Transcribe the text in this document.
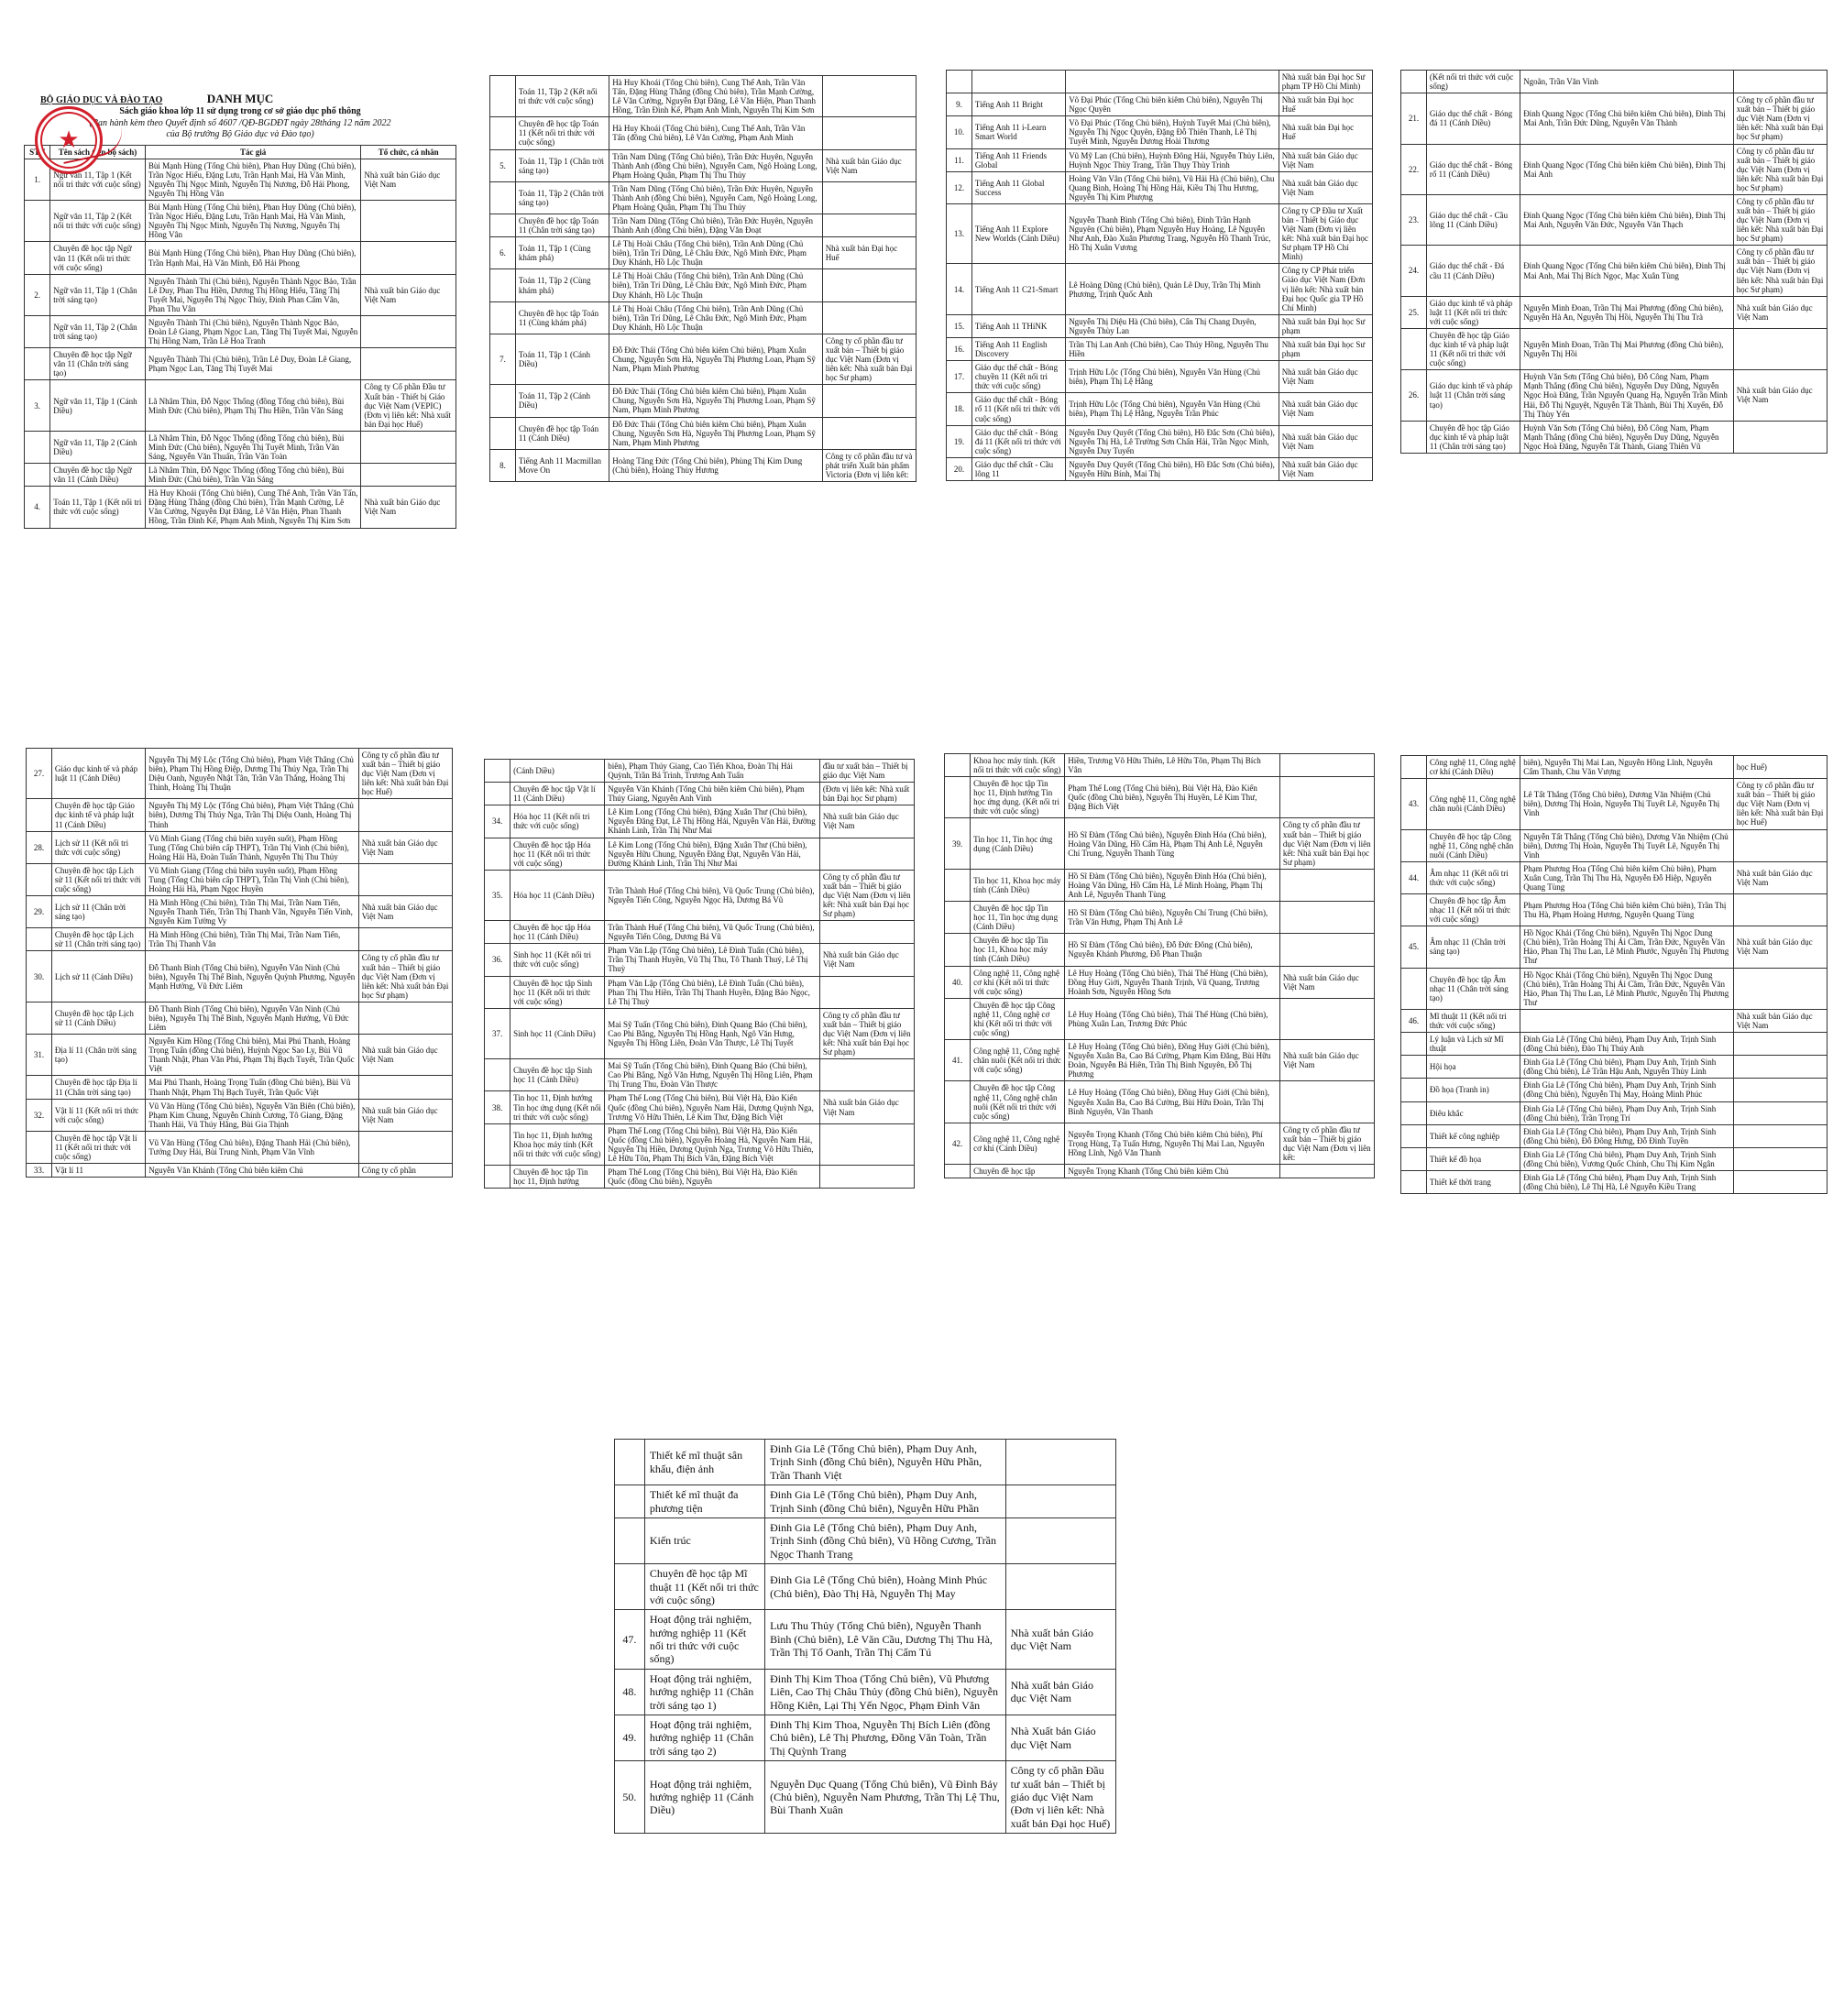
BỘ GIÁO DỤC VÀ ĐÀO TẠO
★	DANH MỤC
Sách giáo khoa lớp 11 sử dụng trong cơ sở giáo dục phổ thông
(Ban hành kèm theo Quyết định số 4607 /QĐ-BGDĐT ngày 28tháng 12 năm 2022
của Bộ trưởng Bộ Giáo dục và Đào tạo)
STT	Tên sách (tên bộ sách)	Tác giả	Tổ chức, cá nhân
1.	Ngữ văn 11, Tập 1 (Kết nối tri thức với cuộc sống)	Bùi Mạnh Hùng (Tổng Chủ biên), Phan Huy Dũng (Chủ biên), Trần Ngọc Hiếu, Đặng Lưu, Trần Hạnh Mai, Hà Văn Minh, Nguyễn Thị Ngọc Minh, Nguyễn Thị Nương, Đỗ Hải Phong, Nguyễn Thị Hồng Vân	Nhà xuất bản Giáo dục Việt Nam
	Ngữ văn 11, Tập 2 (Kết nối tri thức với cuộc sống)	Bùi Mạnh Hùng (Tổng Chủ biên), Phan Huy Dũng (Chủ biên), Trần Ngọc Hiếu, Đặng Lưu, Trần Hạnh Mai, Hà Văn Minh, Nguyễn Thị Ngọc Minh, Nguyễn Thị Nương, Nguyễn Thị Hồng Vân	
	Chuyên đề học tập Ngữ văn 11 (Kết nối tri thức với cuộc sống)	Bùi Mạnh Hùng (Tổng Chủ biên), Phan Huy Dũng (Chủ biên), Trần Hạnh Mai, Hà Văn Minh, Đỗ Hải Phong	
2.	Ngữ văn 11, Tập 1 (Chân trời sáng tạo)	Nguyễn Thành Thi (Chủ biên), Nguyễn Thành Ngọc Bảo, Trần Lê Duy, Phan Thu Hiền, Dương Thị Hồng Hiếu, Tăng Thị Tuyết Mai, Nguyễn Thị Ngọc Thúy, Đinh Phan Cẩm Vân, Phan Thu Vân	Nhà xuất bản Giáo dục Việt Nam
	Ngữ văn 11, Tập 2 (Chân trời sáng tạo)	Nguyễn Thành Thi (Chủ biên), Nguyễn Thành Ngọc Bảo, Đoàn Lê Giang, Phạm Ngọc Lan, Tăng Thị Tuyết Mai, Nguyễn Thị Hồng Nam, Trần Lê Hoa Tranh	
	Chuyên đề học tập Ngữ văn 11 (Chân trời sáng tạo)	Nguyễn Thành Thi (Chủ biên), Trần Lê Duy, Đoàn Lê Giang, Phạm Ngọc Lan, Tăng Thị Tuyết Mai	
3.	Ngữ văn 11, Tập 1 (Cánh Diều)	Lã Nhâm Thìn, Đỗ Ngọc Thống (đồng Tổng chủ biên), Bùi Minh Đức (Chủ biên), Phạm Thị Thu Hiền, Trần Văn Sáng	Công ty Cổ phần Đầu tư Xuất bản - Thiết bị Giáo dục Việt Nam (VEPIC) (Đơn vị liên kết: Nhà xuất bản Đại học Huế)
	Ngữ văn 11, Tập 2 (Cánh Diều)	Lã Nhâm Thìn, Đỗ Ngọc Thống (đồng Tổng chủ biên), Bùi Minh Đức (Chủ biên), Nguyễn Thị Tuyết Minh, Trần Văn Sáng, Nguyễn Văn Thuấn, Trần Văn Toàn	
	Chuyên đề học tập Ngữ văn 11 (Cánh Diều)	Lã Nhâm Thìn, Đỗ Ngọc Thống (đồng Tổng chủ biên), Bùi Minh Đức (Chủ biên), Trần Văn Sáng	
4.	Toán 11, Tập 1 (Kết nối tri thức với cuộc sống)	Hà Huy Khoái (Tổng Chủ biên), Cung Thế Anh, Trần Văn Tấn, Đặng Hùng Thắng (đồng Chủ biên), Trần Mạnh Cường, Lê Văn Cường, Nguyễn Đạt Đăng, Lê Văn Hiện, Phan Thanh Hồng, Trần Đình Kế, Phạm Anh Minh, Nguyễn Thị Kim Sơn	Nhà xuất bản Giáo dục Việt Nam
	Toán 11, Tập 2 (Kết nối tri thức với cuộc sống)	Hà Huy Khoái (Tổng Chủ biên), Cung Thế Anh, Trần Văn Tấn, Đặng Hùng Thắng (đồng Chủ biên), Trần Mạnh Cường, Lê Văn Cường, Nguyễn Đạt Đăng, Lê Văn Hiện, Phan Thanh Hồng, Trần Đình Kế, Phạm Anh Minh, Nguyễn Thị Kim Sơn	
	Chuyên đề học tập Toán 11 (Kết nối tri thức với cuộc sống)	Hà Huy Khoái (Tổng Chủ biên), Cung Thế Anh, Trần Văn Tấn (đồng Chủ biên), Lê Văn Cường, Phạm Anh Minh	
5.	Toán 11, Tập 1 (Chân trời sáng tạo)	Trần Nam Dũng (Tổng Chủ biên), Trần Đức Huyên, Nguyễn Thành Anh (đồng Chủ biên), Nguyễn Cam, Ngô Hoàng Long, Phạm Hoàng Quân, Phạm Thị Thu Thủy	Nhà xuất bản Giáo dục Việt Nam
	Toán 11, Tập 2 (Chân trời sáng tạo)	Trần Nam Dũng (Tổng Chủ biên), Trần Đức Huyên, Nguyễn Thành Anh (đồng Chủ biên), Nguyễn Cam, Ngô Hoàng Long, Phạm Hoàng Quân, Phạm Thị Thu Thủy	
	Chuyên đề học tập Toán 11 (Chân trời sáng tạo)	Trần Nam Dũng (Tổng Chủ biên), Trần Đức Huyên, Nguyễn Thành Anh (đồng Chủ biên), Đặng Văn Đoạt	
6.	Toán 11, Tập 1 (Cùng khám phá)	Lê Thị Hoài Châu (Tổng Chủ biên), Trần Anh Dũng (Chủ biên), Trần Trí Dũng, Lê Châu Đức, Ngô Minh Đức, Phạm Duy Khánh, Hồ Lộc Thuận	Nhà xuất bản Đại học Huế
	Toán 11, Tập 2 (Cùng khám phá)	Lê Thị Hoài Châu (Tổng Chủ biên), Trần Anh Dũng (Chủ biên), Trần Trí Dũng, Lê Châu Đức, Ngô Minh Đức, Phạm Duy Khánh, Hồ Lộc Thuận	
	Chuyên đề học tập Toán 11 (Cùng khám phá)	Lê Thị Hoài Châu (Tổng Chủ biên), Trần Anh Dũng (Chủ biên), Trần Trí Dũng, Lê Châu Đức, Ngô Minh Đức, Phạm Duy Khánh, Hồ Lộc Thuận	
7.	Toán 11, Tập 1 (Cánh Diều)	Đỗ Đức Thái (Tổng Chủ biên kiêm Chủ biên), Phạm Xuân Chung, Nguyễn Sơn Hà, Nguyễn Thị Phương Loan, Phạm Sỹ Nam, Phạm Minh Phương	Công ty cổ phần đầu tư xuất bản – Thiết bị giáo dục Việt Nam (Đơn vị liên kết: Nhà xuất bản Đại học Sư phạm)
	Toán 11, Tập 2 (Cánh Diều)	Đỗ Đức Thái (Tổng Chủ biên kiêm Chủ biên), Phạm Xuân Chung, Nguyễn Sơn Hà, Nguyễn Thị Phương Loan, Phạm Sỹ Nam, Phạm Minh Phương	
	Chuyên đề học tập Toán 11 (Cánh Diều)	Đỗ Đức Thái (Tổng Chủ biên kiêm Chủ biên), Phạm Xuân Chung, Nguyễn Sơn Hà, Nguyễn Thị Phương Loan, Phạm Sỹ Nam, Phạm Minh Phương	
8.	Tiếng Anh 11 Macmillan Move On	Hoàng Tăng Đức (Tổng Chủ biên), Phùng Thị Kim Dung (Chủ biên), Hoàng Thùy Hương	Công ty cổ phần đầu tư và phát triển Xuất bản phẩm Victoria (Đơn vị liên kết:
			Nhà xuất bản Đại học Sư phạm TP Hồ Chí Minh)
9.	Tiếng Anh 11 Bright	Võ Đại Phúc (Tổng Chủ biên kiêm Chủ biên), Nguyễn Thị Ngọc Quyên	Nhà xuất bản Đại học Huế
10.	Tiếng Anh 11 i-Learn Smart World	Võ Đại Phúc (Tổng Chủ biên), Huỳnh Tuyết Mai (Chủ biên), Nguyễn Thị Ngọc Quyên, Đặng Đỗ Thiên Thanh, Lê Thị Tuyết Minh, Nguyễn Dương Hoài Thương	Nhà xuất bản Đại học Huế
11.	Tiếng Anh 11 Friends Global	Vũ Mỹ Lan (Chủ biên), Huỳnh Đông Hải, Nguyễn Thủy Liên, Huỳnh Ngọc Thùy Trang, Trần Thụy Thùy Trinh	Nhà xuất bản Giáo dục Việt Nam
12.	Tiếng Anh 11 Global Success	Hoàng Văn Vân (Tổng Chủ biên), Vũ Hải Hà (Chủ biên), Chu Quang Bình, Hoàng Thị Hồng Hải, Kiều Thị Thu Hương, Nguyễn Thị Kim Phượng	Nhà xuất bản Giáo dục Việt Nam
13.	Tiếng Anh 11 Explore New Worlds (Cánh Diều)	Nguyễn Thanh Bình (Tổng Chủ biên), Đinh Trần Hạnh Nguyên (Chủ biên), Phạm Nguyễn Huy Hoàng, Lê Nguyễn Như Anh, Đào Xuân Phương Trang, Nguyễn Hồ Thanh Trúc, Hồ Thị Xuân Vương	Công ty CP Đầu tư Xuất bản - Thiết bị Giáo dục Việt Nam (Đơn vị liên kết: Nhà xuất bản Đại học Sư phạm TP Hồ Chí Minh)
14.	Tiếng Anh 11 C21-Smart	Lê Hoàng Dũng (Chủ biên), Quản Lê Duy, Trần Thị Minh Phương, Trịnh Quốc Anh	Công ty CP Phát triển Giáo dục Việt Nam (Đơn vị liên kết: Nhà xuất bản Đại học Quốc gia TP Hồ Chí Minh)
15.	Tiếng Anh 11 THiNK	Nguyễn Thị Diệu Hà (Chủ biên), Cấn Thị Chang Duyên, Nguyễn Thùy Lan	Nhà xuất bản Đại học Sư phạm
16.	Tiếng Anh 11 English Discovery	Trần Thị Lan Anh (Chủ biên), Cao Thúy Hồng, Nguyễn Thu Hiền	Nhà xuất bản Đại học Sư phạm
17.	Giáo dục thể chất - Bóng chuyền 11 (Kết nối tri thức với cuộc sống)	Trịnh Hữu Lộc (Tổng Chủ biên), Nguyễn Văn Hùng (Chủ biên), Phạm Thị Lệ Hằng	Nhà xuất bản Giáo dục Việt Nam
18.	Giáo dục thể chất - Bóng rổ 11 (Kết nối tri thức với cuộc sống)	Trịnh Hữu Lộc (Tổng Chủ biên), Nguyễn Văn Hùng (Chủ biên), Phạm Thị Lệ Hằng, Nguyễn Trần Phúc	Nhà xuất bản Giáo dục Việt Nam
19.	Giáo dục thể chất - Bóng đá 11 (Kết nối tri thức với cuộc sống)	Nguyễn Duy Quyết (Tổng Chủ biên), Hồ Đắc Sơn (Chủ biên), Nguyễn Thị Hà, Lê Trường Sơn Chấn Hải, Trần Ngọc Minh, Nguyễn Duy Tuyến	Nhà xuất bản Giáo dục Việt Nam
20.	Giáo dục thể chất - Cầu lông 11	Nguyễn Duy Quyết (Tổng Chủ biên), Hồ Đắc Sơn (Chủ biên), Nguyễn Hữu Bính, Mai Thị	Nhà xuất bản Giáo dục Việt Nam
	(Kết nối tri thức với cuộc sống)	Ngoãn, Trần Văn Vinh	
21.	Giáo dục thể chất - Bóng đá 11 (Cánh Diều)	Đinh Quang Ngọc (Tổng Chủ biên kiêm Chủ biên), Đinh Thị Mai Anh, Trần Đức Dũng, Nguyễn Văn Thành	Công ty cổ phần đầu tư xuất bản – Thiết bị giáo dục Việt Nam (Đơn vị liên kết: Nhà xuất bản Đại học Sư phạm)
22.	Giáo dục thể chất - Bóng rổ 11 (Cánh Diều)	Đinh Quang Ngọc (Tổng Chủ biên kiêm Chủ biên), Đinh Thị Mai Anh	Công ty cổ phần đầu tư xuất bản – Thiết bị giáo dục Việt Nam (Đơn vị liên kết: Nhà xuất bản Đại học Sư phạm)
23.	Giáo dục thể chất - Cầu lông 11 (Cánh Diều)	Đinh Quang Ngọc (Tổng Chủ biên kiêm Chủ biên), Đinh Thị Mai Anh, Nguyễn Văn Đức, Nguyễn Văn Thạch	Công ty cổ phần đầu tư xuất bản – Thiết bị giáo dục Việt Nam (Đơn vị liên kết: Nhà xuất bản Đại học Sư phạm)
24.	Giáo dục thể chất - Đá cầu 11 (Cánh Diều)	Đinh Quang Ngọc (Tổng Chủ biên kiêm Chủ biên), Đinh Thị Mai Anh, Mai Thị Bích Ngọc, Mạc Xuân Tùng	Công ty cổ phần đầu tư xuất bản – Thiết bị giáo dục Việt Nam (Đơn vị liên kết: Nhà xuất bản Đại học Sư phạm)
25.	Giáo dục kinh tế và pháp luật 11 (Kết nối tri thức với cuộc sống)	Nguyễn Minh Đoan, Trần Thị Mai Phương (đồng Chủ biên), Nguyễn Hà An, Nguyễn Thị Hồi, Nguyễn Thị Thu Trà	Nhà xuất bản Giáo dục Việt Nam
	Chuyên đề học tập Giáo dục kinh tế và pháp luật 11 (Kết nối tri thức với cuộc sống)	Nguyễn Minh Đoan, Trần Thị Mai Phương (đồng Chủ biên), Nguyễn Thị Hồi	
26.	Giáo dục kinh tế và pháp luật 11 (Chân trời sáng tạo)	Huỳnh Văn Sơn (Tổng Chủ biên), Đỗ Công Nam, Phạm Mạnh Thắng (đồng Chủ biên), Nguyễn Duy Dũng, Nguyễn Ngọc Hoà Đăng, Trần Nguyễn Quang Hạ, Nguyễn Trần Minh Hải, Đỗ Thị Nguyệt, Nguyễn Tất Thành, Bùi Thị Xuyến, Đỗ Thị Thùy Yến	Nhà xuất bản Giáo dục Việt Nam
	Chuyên đề học tập Giáo dục kinh tế và pháp luật 11 (Chân trời sáng tạo)	Huỳnh Văn Sơn (Tổng Chủ biên), Đỗ Công Nam, Phạm Mạnh Thắng (đồng Chủ biên), Nguyễn Duy Dũng, Nguyễn Ngọc Hoà Đăng, Nguyễn Tất Thành, Giang Thiên Vũ	
27.	Giáo dục kinh tế và pháp luật 11 (Cánh Diều)	Nguyễn Thị Mỹ Lộc (Tổng Chủ biên), Phạm Việt Thắng (Chủ biên), Phạm Thị Hồng Điệp, Dương Thị Thúy Nga, Trần Thị Diệu Oanh, Nguyễn Nhật Tân, Trần Văn Thắng, Hoàng Thị Thinh, Hoàng Thị Thuận	Công ty cổ phần đầu tư xuất bản – Thiết bị giáo dục Việt Nam (Đơn vị liên kết: Nhà xuất bản Đại học Huế)
	Chuyên đề học tập Giáo dục kinh tế và pháp luật 11 (Cánh Diều)	Nguyễn Thị Mỹ Lộc (Tổng Chủ biên), Phạm Việt Thắng (Chủ biên), Dương Thị Thúy Nga, Trần Thị Diệu Oanh, Hoàng Thị Thinh	
28.	Lịch sử 11 (Kết nối tri thức với cuộc sống)	Vũ Minh Giang (Tổng chủ biên xuyên suốt), Phạm Hồng Tung (Tổng Chủ biên cấp THPT), Trần Thị Vinh (Chủ biên), Hoàng Hải Hà, Đoàn Tuấn Thành, Nguyễn Thị Thu Thủy	Nhà xuất bản Giáo dục Việt Nam
	Chuyên đề học tập Lịch sử 11 (Kết nối tri thức với cuộc sống)	Vũ Minh Giang (Tổng chủ biên xuyên suốt), Phạm Hồng Tung (Tổng Chủ biên cấp THPT), Trần Thị Vinh (Chủ biên), Hoàng Hải Hà, Phạm Ngọc Huyền	
29.	Lịch sử 11 (Chân trời sáng tạo)	Hà Minh Hồng (Chủ biên), Trần Thị Mai, Trần Nam Tiến, Nguyễn Thanh Tiến, Trần Thị Thanh Vân, Nguyễn Tiến Vinh, Nguyễn Kim Tường Vy	Nhà xuất bản Giáo dục Việt Nam
	Chuyên đề học tập Lịch sử 11 (Chân trời sáng tạo)	Hà Minh Hồng (Chủ biên), Trần Thị Mai, Trần Nam Tiến, Trần Thị Thanh Vân	
30.	Lịch sử 11 (Cánh Diều)	Đỗ Thanh Bình (Tổng Chủ biên), Nguyễn Văn Ninh (Chủ biên), Nguyễn Thị Thế Bình, Nguyễn Quỳnh Phương, Nguyễn Mạnh Hưởng, Vũ Đức Liêm	Công ty cổ phần đầu tư xuất bản – Thiết bị giáo dục Việt Nam (Đơn vị liên kết: Nhà xuất bản Đại học Sư phạm)
	Chuyên đề học tập Lịch sử 11 (Cánh Diều)	Đỗ Thanh Bình (Tổng Chủ biên), Nguyễn Văn Ninh (Chủ biên), Nguyễn Thị Thế Bình, Nguyễn Mạnh Hưởng, Vũ Đức Liêm	
31.	Địa lí 11 (Chân trời sáng tạo)	Nguyễn Kim Hồng (Tổng Chủ biên), Mai Phú Thanh, Hoàng Trọng Tuấn (đồng Chủ biên), Huỳnh Ngọc Sao Ly, Bùi Vũ Thanh Nhật, Phan Văn Phú, Phạm Thị Bạch Tuyết, Trần Quốc Việt	Nhà xuất bản Giáo dục Việt Nam
	Chuyên đề học tập Địa lí 11 (Chân trời sáng tạo)	Mai Phú Thanh, Hoàng Trọng Tuấn (đồng Chủ biên), Bùi Vũ Thanh Nhật, Phạm Thị Bạch Tuyết, Trần Quốc Việt	
32.	Vật lí 11 (Kết nối tri thức với cuộc sống)	Vũ Văn Hùng (Tổng Chủ biên), Nguyễn Văn Biên (Chủ biên), Phạm Kim Chung, Nguyễn Chính Cương, Tô Giang, Đặng Thanh Hải, Vũ Thúy Hằng, Bùi Gia Thịnh	Nhà xuất bản Giáo dục Việt Nam
	Chuyên đề học tập Vật lí 11 (Kết nối tri thức với cuộc sống)	Vũ Văn Hùng (Tổng Chủ biên), Đặng Thanh Hải (Chủ biên), Tưởng Duy Hải, Bùi Trung Ninh, Phạm Văn Vĩnh	
33.	Vật lí 11	Nguyễn Văn Khánh (Tổng Chủ biên kiêm Chủ	Công ty cổ phần
	(Cánh Diều)	biên), Phạm Thúy Giang, Cao Tiến Khoa, Đoàn Thị Hải Quỳnh, Trần Bá Trình, Trương Anh Tuấn	đầu tư xuất bản – Thiết bị giáo dục Việt Nam
	Chuyên đề học tập Vật lí 11 (Cánh Diều)	Nguyễn Văn Khánh (Tổng Chủ biên kiêm Chủ biên), Phạm Thúy Giang, Nguyễn Anh Vinh	(Đơn vị liên kết: Nhà xuất bản Đại học Sư phạm)
34.	Hóa học 11 (Kết nối tri thức với cuộc sống)	Lê Kim Long (Tổng Chủ biên), Đặng Xuân Thư (Chủ biên), Nguyễn Đăng Đạt, Lê Thị Hồng Hải, Nguyễn Văn Hải, Đường Khánh Linh, Trần Thị Như Mai	Nhà xuất bản Giáo dục Việt Nam
	Chuyên đề học tập Hóa học 11 (Kết nối tri thức với cuộc sống)	Lê Kim Long (Tổng Chủ biên), Đặng Xuân Thư (Chủ biên), Nguyễn Hữu Chung, Nguyễn Đăng Đạt, Nguyễn Văn Hải, Đường Khánh Linh, Trần Thị Như Mai	
35.	Hóa học 11 (Cánh Diều)	Trần Thành Huế (Tổng Chủ biên), Vũ Quốc Trung (Chủ biên), Nguyễn Tiến Công, Nguyễn Ngọc Hà, Dương Bá Vũ	Công ty cổ phần đầu tư xuất bản – Thiết bị giáo dục Việt Nam (Đơn vị liên kết: Nhà xuất bản Đại học Sư phạm)
	Chuyên đề học tập Hóa học 11 (Cánh Diều)	Trần Thành Huế (Tổng Chủ biên), Vũ Quốc Trung (Chủ biên), Nguyễn Tiến Công, Dương Bá Vũ	
36.	Sinh học 11 (Kết nối tri thức với cuộc sống)	Phạm Văn Lập (Tổng Chủ biên), Lê Đình Tuấn (Chủ biên), Trần Thị Thanh Huyền, Vũ Thị Thu, Tô Thanh Thuý, Lê Thị Thuỳ	Nhà xuất bản Giáo dục Việt Nam
	Chuyên đề học tập Sinh học 11 (Kết nối tri thức với cuộc sống)	Phạm Văn Lập (Tổng Chủ biên), Lê Đình Tuấn (Chủ biên), Phan Thị Thu Hiền, Trần Thị Thanh Huyền, Đặng Bảo Ngọc, Lê Thị Thuỳ	
37.	Sinh học 11 (Cánh Diều)	Mai Sỹ Tuấn (Tổng Chủ biên), Đinh Quang Báo (Chủ biên), Cao Phi Bằng, Nguyễn Thị Hồng Hạnh, Ngô Văn Hưng, Nguyễn Thị Hồng Liên, Đoàn Văn Thược, Lê Thị Tuyết	Công ty cổ phần đầu tư xuất bản – Thiết bị giáo dục Việt Nam (Đơn vị liên kết: Nhà xuất bản Đại học Sư phạm)
	Chuyên đề học tập Sinh học 11 (Cánh Diều)	Mai Sỹ Tuấn (Tổng Chủ biên), Đinh Quang Báo (Chủ biên), Cao Phi Bằng, Ngô Văn Hưng, Nguyễn Thị Hồng Liên, Phạm Thị Trung Thu, Đoàn Văn Thược	
38.	Tin học 11, Định hướng Tin học ứng dụng (Kết nối tri thức với cuộc sống)	Phạm Thế Long (Tổng Chủ biên), Bùi Việt Hà, Đào Kiến Quốc (đồng Chủ biên), Nguyễn Nam Hải, Dương Quỳnh Nga, Trương Võ Hữu Thiên, Lê Kim Thư, Đặng Bích Việt	Nhà xuất bản Giáo dục Việt Nam
	Tin học 11, Định hướng Khoa học máy tính (Kết nối tri thức với cuộc sống)	Phạm Thế Long (Tổng Chủ biên), Bùi Việt Hà, Đào Kiến Quốc (đồng Chủ biên), Nguyễn Hoàng Hà, Nguyễn Nam Hải, Nguyễn Thị Hiền, Dương Quỳnh Nga, Trương Võ Hữu Thiên, Lê Hữu Tôn, Phạm Thị Bích Vân, Đặng Bích Việt	
	Chuyên đề học tập Tin học 11, Định hướng	Phạm Thế Long (Tổng Chủ biên), Bùi Việt Hà, Đào Kiến Quốc (đồng Chủ biên), Nguyễn	
	Khoa học máy tính. (Kết nối tri thức với cuộc sống)	Hiền, Trương Võ Hữu Thiên, Lê Hữu Tôn, Phạm Thị Bích Vân	
	Chuyên đề học tập Tin học 11, Định hướng Tin học ứng dụng. (Kết nối tri thức với cuộc sống)	Phạm Thế Long (Tổng Chủ biên), Bùi Việt Hà, Đào Kiến Quốc (đồng Chủ biên), Nguyễn Thị Huyền, Lê Kim Thư, Đặng Bích Việt	
39.	Tin học 11, Tin học ứng dụng (Cánh Diều)	Hồ Sĩ Đàm (Tổng Chủ biên), Nguyễn Đình Hóa (Chủ biên), Hoàng Văn Dũng, Hồ Cẩm Hà, Phạm Thị Anh Lê, Nguyễn Chí Trung, Nguyễn Thanh Tùng	Công ty cổ phần đầu tư xuất bản – Thiết bị giáo dục Việt Nam (Đơn vị liên kết: Nhà xuất bản Đại học Sư phạm)
	Tin học 11, Khoa học máy tính (Cánh Diều)	Hồ Sĩ Đàm (Tổng Chủ biên), Nguyễn Đình Hóa (Chủ biên), Hoàng Văn Dũng, Hồ Cẩm Hà, Lê Minh Hoàng, Phạm Thị Anh Lê, Nguyễn Thanh Tùng	
	Chuyên đề học tập Tin học 11, Tin học ứng dụng (Cánh Diều)	Hồ Sĩ Đàm (Tổng Chủ biên), Nguyễn Chí Trung (Chủ biên), Trần Văn Hưng, Phạm Thị Anh Lê	
	Chuyên đề học tập Tin học 11, Khoa học máy tính (Cánh Diều)	Hồ Sĩ Đàm (Tổng Chủ biên), Đỗ Đức Đông (Chủ biên), Nguyễn Khánh Phương, Đỗ Phan Thuận	
40.	Công nghệ 11, Công nghệ cơ khí (Kết nối tri thức với cuộc sống)	Lê Huy Hoàng (Tổng Chủ biên), Thái Thế Hùng (Chủ biên), Đồng Huy Giới, Nguyễn Thanh Trịnh, Vũ Quang, Trương Hoành Sơn, Nguyễn Hồng Sơn	Nhà xuất bản Giáo dục Việt Nam
	Chuyên đề học tập Công nghệ 11, Công nghệ cơ khí (Kết nối tri thức với cuộc sống)	Lê Huy Hoàng (Tổng Chủ biên), Thái Thế Hùng (Chủ biên), Phùng Xuân Lan, Trương Đức Phúc	
41.	Công nghệ 11, Công nghệ chăn nuôi (Kết nối tri thức với cuộc sống)	Lê Huy Hoàng (Tổng Chủ biên), Đồng Huy Giới (Chủ biên), Nguyễn Xuân Ba, Cao Bá Cường, Phạm Kim Đăng, Bùi Hữu Đoàn, Nguyễn Bá Hiên, Trần Thị Bình Nguyên, Đỗ Thị Phương	Nhà xuất bản Giáo dục Việt Nam
	Chuyên đề học tập Công nghệ 11, Công nghệ chăn nuôi (Kết nối tri thức với cuộc sống)	Lê Huy Hoàng (Tổng Chủ biên), Đồng Huy Giới (Chủ biên), Nguyễn Xuân Ba, Cao Bá Cường, Bùi Hữu Đoàn, Trần Thị Bình Nguyên, Văn Thanh	
42.	Công nghệ 11, Công nghệ cơ khí (Cánh Diều)	Nguyễn Trọng Khanh (Tổng Chủ biên kiêm Chủ biên), Phí Trọng Hùng, Tạ Tuấn Hưng, Nguyễn Thị Mai Lan, Nguyễn Hồng Lĩnh, Ngô Văn Thanh	Công ty cổ phần đầu tư xuất bản – Thiết bị giáo dục Việt Nam (Đơn vị liên kết:
	Chuyên đề học tập	Nguyễn Trọng Khanh (Tổng Chủ biên kiêm Chủ	
	Công nghệ 11, Công nghệ cơ khí (Cánh Diều)	biên), Nguyễn Thị Mai Lan, Nguyễn Hồng Lĩnh, Nguyễn Cẩm Thanh, Chu Văn Vượng	học Huế)
43.	Công nghệ 11, Công nghệ chăn nuôi (Cánh Diều)	Lê Tất Thắng (Tổng Chủ biên), Dương Văn Nhiệm (Chủ biên), Dương Thị Hoàn, Nguyễn Thị Tuyết Lê, Nguyễn Thị Vinh	Công ty cổ phần đầu tư xuất bản – Thiết bị giáo dục Việt Nam (Đơn vị liên kết: Nhà xuất bản Đại học Huế)
	Chuyên đề học tập Công nghệ 11, Công nghệ chăn nuôi (Cánh Diều)	Nguyễn Tất Thắng (Tổng Chủ biên), Dương Văn Nhiệm (Chủ biên), Dương Thị Hoàn, Nguyễn Thị Tuyết Lê, Nguyễn Thị Vinh	
44.	Âm nhạc 11 (Kết nối tri thức với cuộc sống)	Phạm Phương Hoa (Tổng Chủ biên kiêm Chủ biên), Phạm Xuân Cung, Trần Thị Thu Hà, Nguyễn Đỗ Hiệp, Nguyễn Quang Tùng	Nhà xuất bản Giáo dục Việt Nam
	Chuyên đề học tập Âm nhạc 11 (Kết nối tri thức với cuộc sống)	Phạm Phương Hoa (Tổng Chủ biên kiêm Chủ biên), Trần Thị Thu Hà, Phạm Hoàng Hương, Nguyễn Quang Tùng	
45.	Âm nhạc 11 (Chân trời sáng tạo)	Hồ Ngọc Khải (Tổng Chủ biên), Nguyễn Thị Ngọc Dung (Chủ biên), Trần Hoàng Thị Ái Cầm, Trần Đức, Nguyễn Văn Hảo, Phan Thị Thu Lan, Lê Minh Phước, Nguyễn Thị Phương Thư	Nhà xuất bản Giáo dục Việt Nam
	Chuyên đề học tập Âm nhạc 11 (Chân trời sáng tạo)	Hồ Ngọc Khải (Tổng Chủ biên), Nguyễn Thị Ngọc Dung (Chủ biên), Trần Hoàng Thị Ái Cầm, Trần Đức, Nguyễn Văn Hảo, Phan Thị Thu Lan, Lê Minh Phước, Nguyễn Thị Phương Thư	
46.	Mĩ thuật 11 (Kết nối tri thức với cuộc sống)		Nhà xuất bản Giáo dục Việt Nam
	Lý luận và Lịch sử Mĩ thuật	Đinh Gia Lê (Tổng Chủ biên), Phạm Duy Anh, Trịnh Sinh (đồng Chủ biên), Đào Thị Thúy Anh	
	Hội họa	Đinh Gia Lê (Tổng Chủ biên), Phạm Duy Anh, Trịnh Sinh (đồng Chủ biên), Lê Trần Hậu Anh, Nguyễn Thùy Linh	
	Đồ họa (Tranh in)	Đinh Gia Lê (Tổng Chủ biên), Phạm Duy Anh, Trịnh Sinh (đồng Chủ biên), Nguyễn Thị May, Hoàng Minh Phúc	
	Điêu khắc	Đinh Gia Lê (Tổng Chủ biên), Phạm Duy Anh, Trịnh Sinh (đồng Chủ biên), Trần Trọng Trí	
	Thiết kế công nghiệp	Đinh Gia Lê (Tổng Chủ biên), Phạm Duy Anh, Trịnh Sinh (đồng Chủ biên), Đỗ Đông Hưng, Đỗ Đình Tuyền	
	Thiết kế đồ họa	Đinh Gia Lê (Tổng Chủ biên), Phạm Duy Anh, Trịnh Sinh (đồng Chủ biên), Vương Quốc Chính, Chu Thị Kim Ngân	
	Thiết kế thời trang	Đinh Gia Lê (Tổng Chủ biên), Phạm Duy Anh, Trịnh Sinh (đồng Chủ biên), Lê Thị Hà, Lê Nguyễn Kiều Trang	
	Thiết kế mĩ thuật sân khấu, điện ảnh	Đinh Gia Lê (Tổng Chủ biên), Phạm Duy Anh, Trịnh Sinh (đồng Chủ biên), Nguyễn Hữu Phần, Trần Thanh Việt	
	Thiết kế mĩ thuật đa phương tiện	Đinh Gia Lê (Tổng Chủ biên), Phạm Duy Anh, Trịnh Sinh (đồng Chủ biên), Nguyễn Hữu Phần	
	Kiến trúc	Đinh Gia Lê (Tổng Chủ biên), Phạm Duy Anh, Trịnh Sinh (đồng Chủ biên), Vũ Hồng Cương, Trần Ngọc Thanh Trang	
	Chuyên đề học tập Mĩ thuật 11 (Kết nối tri thức với cuộc sống)	Đinh Gia Lê (Tổng Chủ biên), Hoàng Minh Phúc (Chủ biên), Đào Thị Hà, Nguyễn Thị May	
47.	Hoạt động trải nghiệm, hướng nghiệp 11 (Kết nối tri thức với cuộc sống)	Lưu Thu Thủy (Tổng Chủ biên), Nguyễn Thanh Bình (Chủ biên), Lê Văn Cầu, Dương Thị Thu Hà, Trần Thị Tố Oanh, Trần Thị Cẩm Tú	Nhà xuất bản Giáo dục Việt Nam
48.	Hoạt động trải nghiệm, hướng nghiệp 11 (Chân trời sáng tạo 1)	Đinh Thị Kim Thoa (Tổng Chủ biên), Vũ Phương Liên, Cao Thị Châu Thủy (đồng Chủ biên), Nguyễn Hồng Kiên, Lại Thị Yến Ngọc, Phạm Đình Văn	Nhà xuất bản Giáo dục Việt Nam
49.	Hoạt động trải nghiệm, hướng nghiệp 11 (Chân trời sáng tạo 2)	Đinh Thị Kim Thoa, Nguyễn Thị Bích Liên (đồng Chủ biên), Lê Thị Phương, Đồng Văn Toàn, Trần Thị Quỳnh Trang	Nhà Xuất bản Giáo dục Việt Nam
50.	Hoạt động trải nghiệm, hướng nghiệp 11 (Cánh Diều)	Nguyễn Dục Quang (Tổng Chủ biên), Vũ Đình Bảy (Chủ biên), Nguyễn Nam Phương, Trần Thị Lệ Thu, Bùi Thanh Xuân	Công ty cổ phần Đầu tư xuất bản – Thiết bị giáo dục Việt Nam (Đơn vị liên kết: Nhà xuất bản Đại học Huế)
